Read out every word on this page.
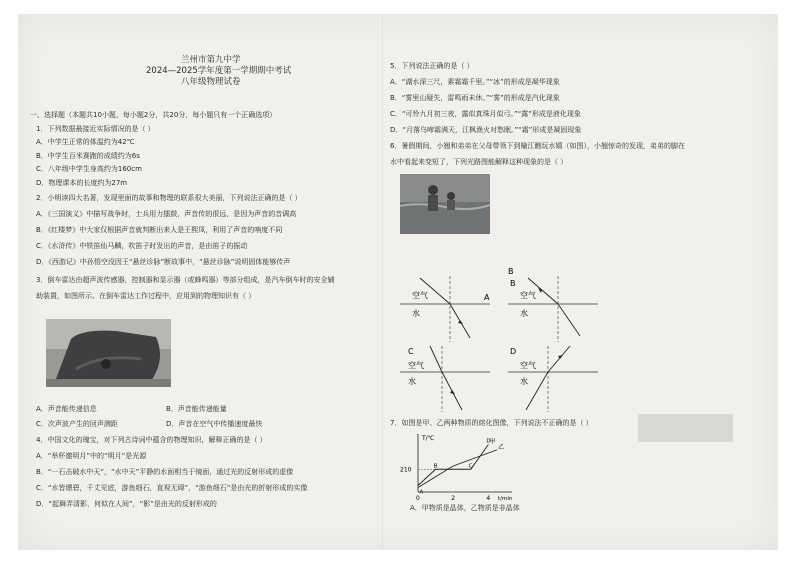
兰州市第九中学
2024—2025学年度第一学期期中考试
八年级物理试卷
一、选择题（本题共10小题，每小题2分，共20分，每小题只有一个正确选项）
1．下列数据最接近实际情况的是（ ）
A．中学生正常的体温约为42℃
B．中学生百米赛跑的成绩约为6s
C．八年级中学生身高约为160cm
D．物理课本的长度约为27m
2．小明读四大名著，发现里面的故事和物理的联系很大美丽，下列说法正确的是（ ）
A．《三国演义》中描写战争时，士兵用力擂鼓，声音传的很远，是因为声音的音调高
B．《红楼梦》中大家仅根据声音就判断出来人是王熙凤，利用了声音的响度不同
C．《水浒传》中铁笛仙马麟，吹笛子时发出的声音，是由笛子的振动
D．《西游记》中孙悟空没因王“悬丝诊脉”断故事中，“悬丝诊脉”说明固体能够传声
3．倒车雷达由超声波传感器，控制器和显示器（或蜂鸣器）等部分组成，是汽车倒车时的安全辅
助装置，如图所示。在倒车雷达工作过程中，应用到的物理知识有（ ）
A．声音能传递信息	B．声音能传递能量
C．次声波产生的回声测距	D．声音在空气中传播速度最快
4．中国文化的瑰宝，对下列古诗词中蕴含的物理知识，解释正确的是（ ）
A．“举杯邀明月”中的“明月”是光源
B．“一石击破水中天”，“水中天”平静的水面相当于镜面，通过光的反射形成的虚像
C．“水皆缥碧，千丈见底，游鱼细石，直视无碍”，“游鱼细石”是由光的折射形成的实像
D．“起舞弄清影，何似在人间”，“影”是由光的反射形成的
5．下列说法正确的是（ ）
A．“湖水深三尺，素霜霜千里。”“冰”的形成是凝华现象
B．“雾里山疑失，雷鸣雨未休。”“雾”的形成是汽化现象
C．“可怜九月初三夜，露似真珠月似弓。”“露”形成是液化现象
D．“月落乌啼霜满天，江枫渔火对愁眠。”“霜”形成是凝固现象
6．暑假期间，小翘和弟弟在父母带领下到榆江瞧玩水嬉（如图），小翘惊奇的发现，弟弟的脚在
水中看起来变短了，下列光路图能解释这种现象的是（ ）
空气
水
A
B
空气
水
B
C
空气
水
D
空气
水
7．如图是甲、乙两种物质的熔化图像，下列说法不正确的是（ ）
T/℃
t/min
210
0	2	4
甲
乙
A
B	C
D
A．甲物质是晶体，乙物质是非晶体
